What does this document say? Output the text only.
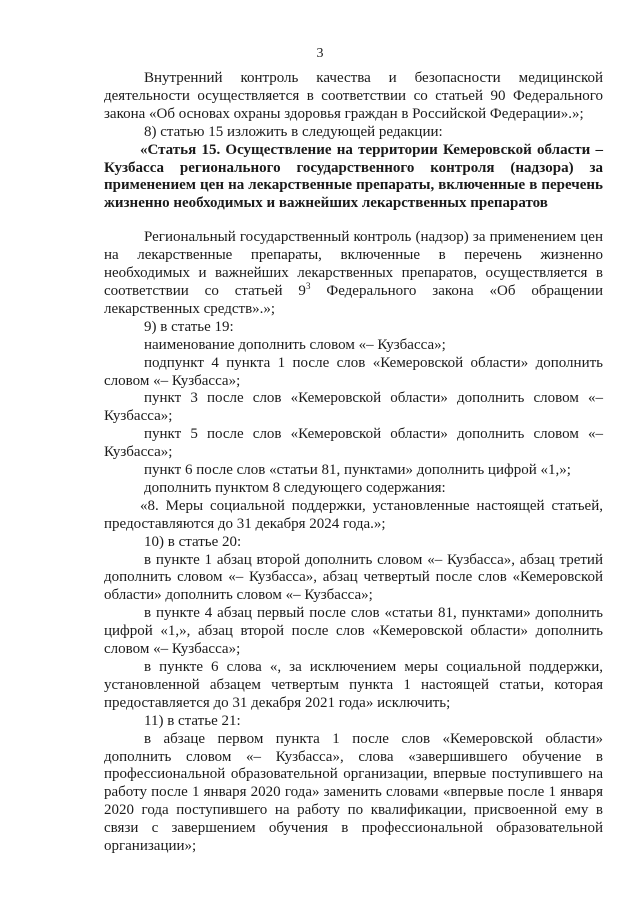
3

Внутренний контроль качества и безопасности медицинской деятельности осуществляется в соответствии со статьей 90 Федерального закона «Об основах охраны здоровья граждан в Российской Федерации».»;

8) статью 15 изложить в следующей редакции:

«Статья 15. Осуществление на территории Кемеровской области – Кузбасса регионального государственного контроля (надзора) за применением цен на лекарственные препараты, включенные в перечень жизненно необходимых и важнейших лекарственных препаратов

Региональный государственный контроль (надзор) за применением цен на лекарственные препараты, включенные в перечень жизненно необходимых и важнейших лекарственных препаратов, осуществляется в соответствии со статьей $9^3$ Федерального закона «Об обращении лекарственных средств».»;

9) в статье 19:

наименование дополнить словом «– Кузбасса»;

подпункт 4 пункта 1 после слов «Кемеровской области» дополнить словом «– Кузбасса»;

пункт 3 после слов «Кемеровской области» дополнить словом «– Кузбасса»;

пункт 5 после слов «Кемеровской области» дополнить словом «– Кузбасса»;

пункт 6 после слов «статьи 81, пунктами» дополнить цифрой «1,»;

дополнить пунктом 8 следующего содержания:

«8. Меры социальной поддержки, установленные настоящей статьей, предоставляются до 31 декабря 2024 года.»;

10) в статье 20:

в пункте 1 абзац второй дополнить словом «– Кузбасса», абзац третий дополнить словом «– Кузбасса», абзац четвертый после слов «Кемеровской области» дополнить словом «– Кузбасса»;

в пункте 4 абзац первый после слов «статьи 81, пунктами» дополнить цифрой «1,», абзац второй после слов «Кемеровской области» дополнить словом «– Кузбасса»;

в пункте 6 слова «, за исключением меры социальной поддержки, установленной абзацем четвертым пункта 1 настоящей статьи, которая предоставляется до 31 декабря 2021 года» исключить;

11) в статье 21:

в абзаце первом пункта 1 после слов «Кемеровской области» дополнить словом «– Кузбасса», слова «завершившего обучение в профессиональной образовательной организации, впервые поступившего на работу после 1 января 2020 года» заменить словами «впервые после 1 января 2020 года поступившего на работу по квалификации, присвоенной ему в связи с завершением обучения в профессиональной образовательной организации»;
